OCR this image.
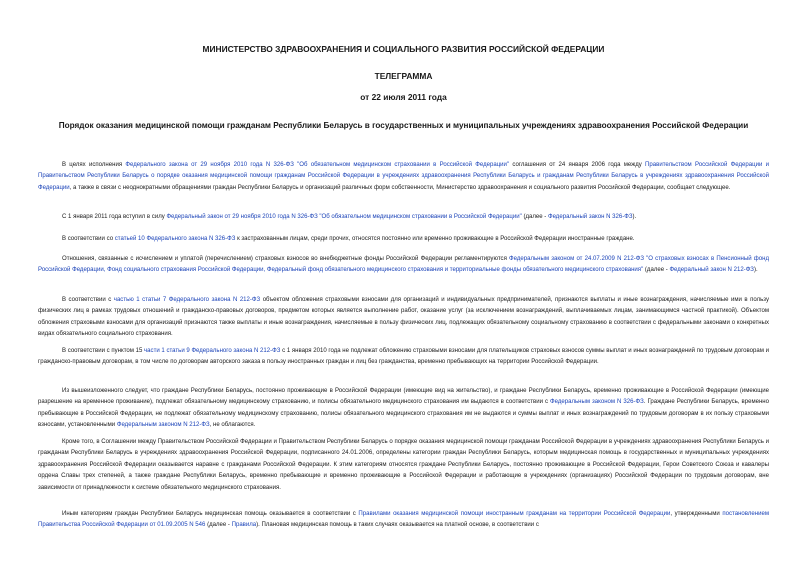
МИНИСТЕРСТВО ЗДРАВООХРАНЕНИЯ И СОЦИАЛЬНОГО РАЗВИТИЯ РОССИЙСКОЙ ФЕДЕРАЦИИ
ТЕЛЕГРАММА
от 22 июля 2011 года
Порядок оказания медицинской помощи гражданам Республики Беларусь в государственных и муниципальных учреждениях здравоохранения Российской Федерации

В целях исполнения Федерального закона от 29 ноября 2010 года N 326-ФЗ "Об обязательном медицинском страховании в Российской Федерации" соглашения от 24 января 2006 года между Правительством Российской Федерации и Правительством Республики Беларусь о порядке оказания медицинской помощи гражданам Российской Федерации в учреждениях здравоохранения Республики Беларусь и гражданам Республики Беларусь в учреждениях здравоохранения Российской Федерации, а также в связи с неоднократными обращениями граждан Республики Беларусь и организаций различных форм собственности, Министерство здравоохранения и социального развития Российской Федерации, сообщает следующее.

С 1 января 2011 года вступил в силу Федеральный закон от 29 ноября 2010 года N 326-ФЗ "Об обязательном медицинском страховании в Российской Федерации" (далее - Федеральный закон N 326-ФЗ).

В соответствии со статьей 10 Федерального закона N 326-ФЗ к застрахованным лицам, среди прочих, относятся постоянно или временно проживающие в Российской Федерации иностранные граждане.

Отношения, связанные с исчислением и уплатой (перечислением) страховых взносов во внебюджетные фонды Российской Федерации регламентируются Федеральным законом от 24.07.2009 N 212-ФЗ "О страховых взносах в Пенсионный фонд Российской Федерации, Фонд социального страхования Российской Федерации, Федеральный фонд обязательного медицинского страхования и территориальные фонды обязательного медицинского страхования" (далее - Федеральный закон N 212-ФЗ).

В соответствии с частью 1 статьи 7 Федерального закона N 212-ФЗ объектом обложения страховыми взносами для организаций и индивидуальных предпринимателей, признаются выплаты и иные вознаграждения, начисляемые ими в пользу физических лиц в рамках трудовых отношений и гражданско-правовых договоров, предметом которых является выполнение работ, оказание услуг (за исключением вознаграждений, выплачиваемых лицам, занимающимся частной практикой). Объектом обложения страховыми взносами для организаций признаются также выплаты и иные вознаграждения, начисляемые в пользу физических лиц, подлежащих обязательному социальному страхованию в соответствии с федеральными законами о конкретных видах обязательного социального страхования.

В соответствии с пунктом 15 части 1 статьи 9 Федерального закона N 212-ФЗ с 1 января 2010 года не подлежат обложению страховыми взносами для плательщиков страховых взносов суммы выплат и иных вознаграждений по трудовым договорам и гражданско-правовым договорам, в том числе по договорам авторского заказа в пользу иностранных граждан и лиц без гражданства, временно пребывающих на территории Российской Федерации.

Из вышеизложенного следует, что граждане Республики Беларусь, постоянно проживающие в Российской Федерации (имеющие вид на жительство), и граждане Республики Беларусь, временно проживающие в Российской Федерации (имеющие разрешение на временное проживание), подлежат обязательному медицинскому страхованию, и полисы обязательного медицинского страхования им выдаются в соответствии с Федеральным законом N 326-ФЗ. Граждане Республики Беларусь, временно пребывающие в Российской Федерации, не подлежат обязательному медицинскому страхованию, полисы обязательного медицинского страхования им не выдаются и суммы выплат и иных вознаграждений по трудовым договорам в их пользу страховыми взносами, установленными Федеральным законом N 212-ФЗ, не облагаются.

Кроме того, в Соглашении между Правительством Российской Федерации и Правительством Республики Беларусь о порядке оказания медицинской помощи гражданам Российской Федерации в учреждениях здравоохранения Республики Беларусь и гражданам Республики Беларусь в учреждениях здравоохранения Российской Федерации, подписанного 24.01.2006, определены категории граждан Республики Беларусь, которым медицинская помощь в государственных и муниципальных учреждениях здравоохранения Российской Федерации оказывается наравне с гражданами Российской Федерации. К этим категориям относятся граждане Республики Беларусь, постоянно проживающие в Российской Федерации, Герои Советского Союза и кавалеры ордена Славы трех степеней, а также граждане Республики Беларусь, временно пребывающие и временно проживающие в Российской Федерации и работающие в учреждениях (организациях) Российской Федерации по трудовым договорам, вне зависимости от принадлежности к системе обязательного медицинского страхования.

Иным категориям граждан Республики Беларусь медицинская помощь оказывается в соответствии с Правилами оказания медицинской помощи иностранным гражданам на территории Российской Федерации, утвержденными постановлением Правительства Российской Федерации от 01.09.2005 N 546 (далее - Правила). Плановая медицинская помощь в таких случаях оказывается на платной основе, в соответствии с
